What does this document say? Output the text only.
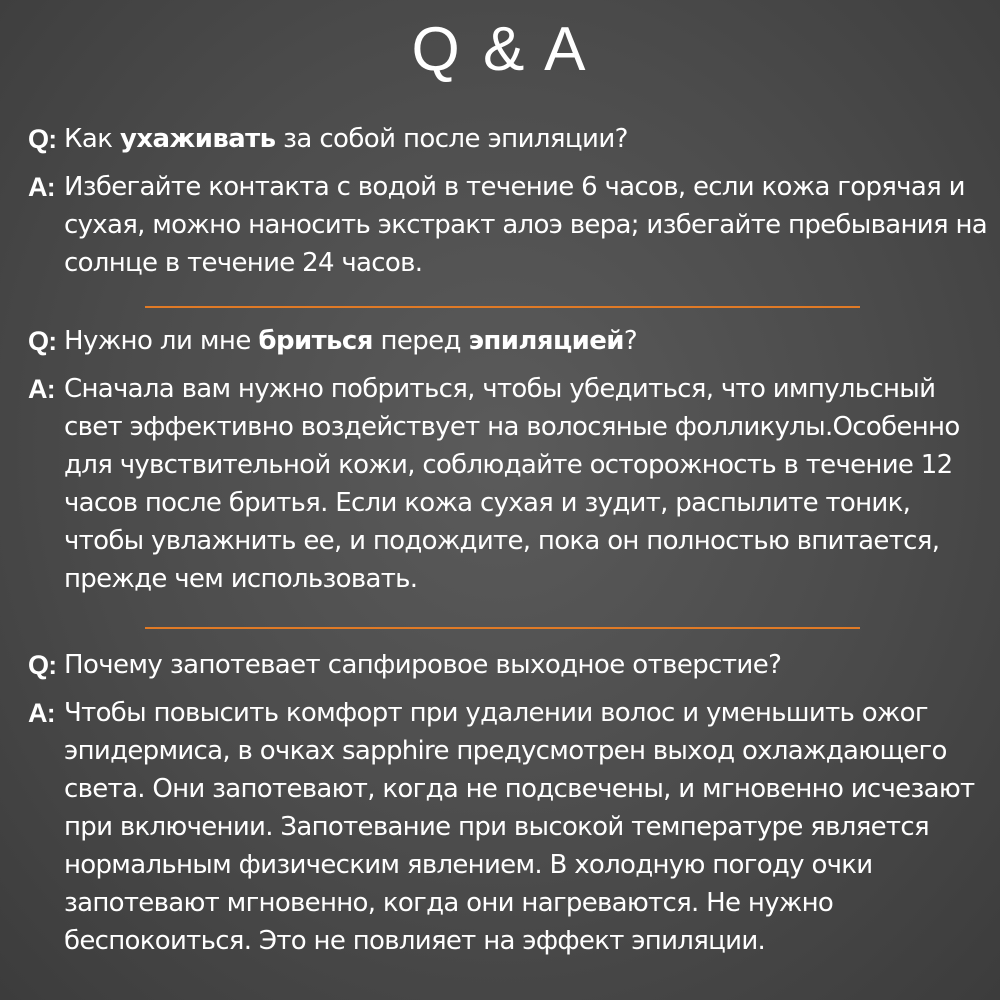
Q & A
Q: Как ухаживать за собой после эпиляции?
A: Избегайте контакта с водой в течение 6 часов, если кожа горячая и сухая, можно наносить экстракт алоэ вера; избегайте пребывания на солнце в течение 24 часов.
Q: Нужно ли мне бриться перед эпиляцией?
A: Сначала вам нужно побриться, чтобы убедиться, что импульсный свет эффективно воздействует на волосяные фолликулы.Особенно для чувствительной кожи, соблюдайте осторожность в течение 12 часов после бритья. Если кожа сухая и зудит, распылите тоник, чтобы увлажнить ее, и подождите, пока он полностью впитается, прежде чем использовать.
Q: Почему запотевает сапфировое выходное отверстие?
A: Чтобы повысить комфорт при удалении волос и уменьшить ожог эпидермиса, в очках sapphire предусмотрен выход охлаждающего света. Они запотевают, когда не подсвечены, и мгновенно исчезают при включении. Запотевание при высокой температуре является нормальным физическим явлением. В холодную погоду очки запотевают мгновенно, когда они нагреваются. Не нужно беспокоиться. Это не повлияет на эффект эпиляции.
